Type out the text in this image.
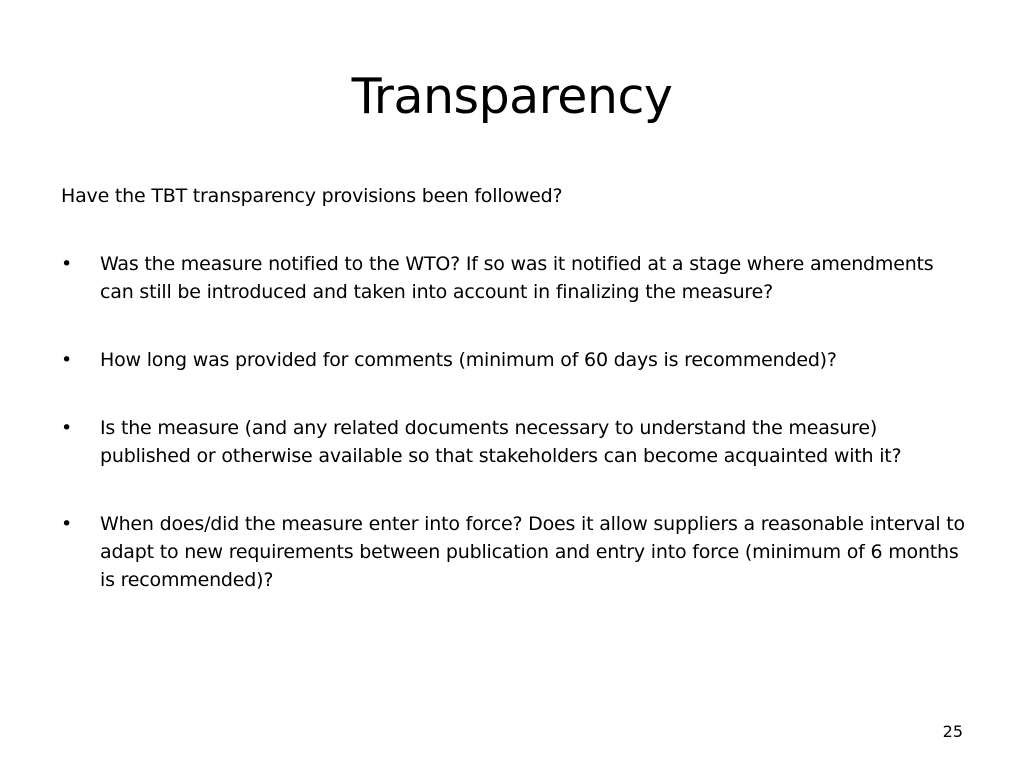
Transparency

Have the TBT transparency provisions been followed?

•	Was the measure notified to the WTO? If so was it notified at a stage where amendments can still be introduced and taken into account in finalizing the measure?
•	How long was provided for comments (minimum of 60 days is recommended)?
•	Is the measure (and any related documents necessary to understand the measure) published or otherwise available so that stakeholders can become acquainted with it?
•	When does/did the measure enter into force? Does it allow suppliers a reasonable interval to adapt to new requirements between publication and entry into force (minimum of 6 months is recommended)?
25
